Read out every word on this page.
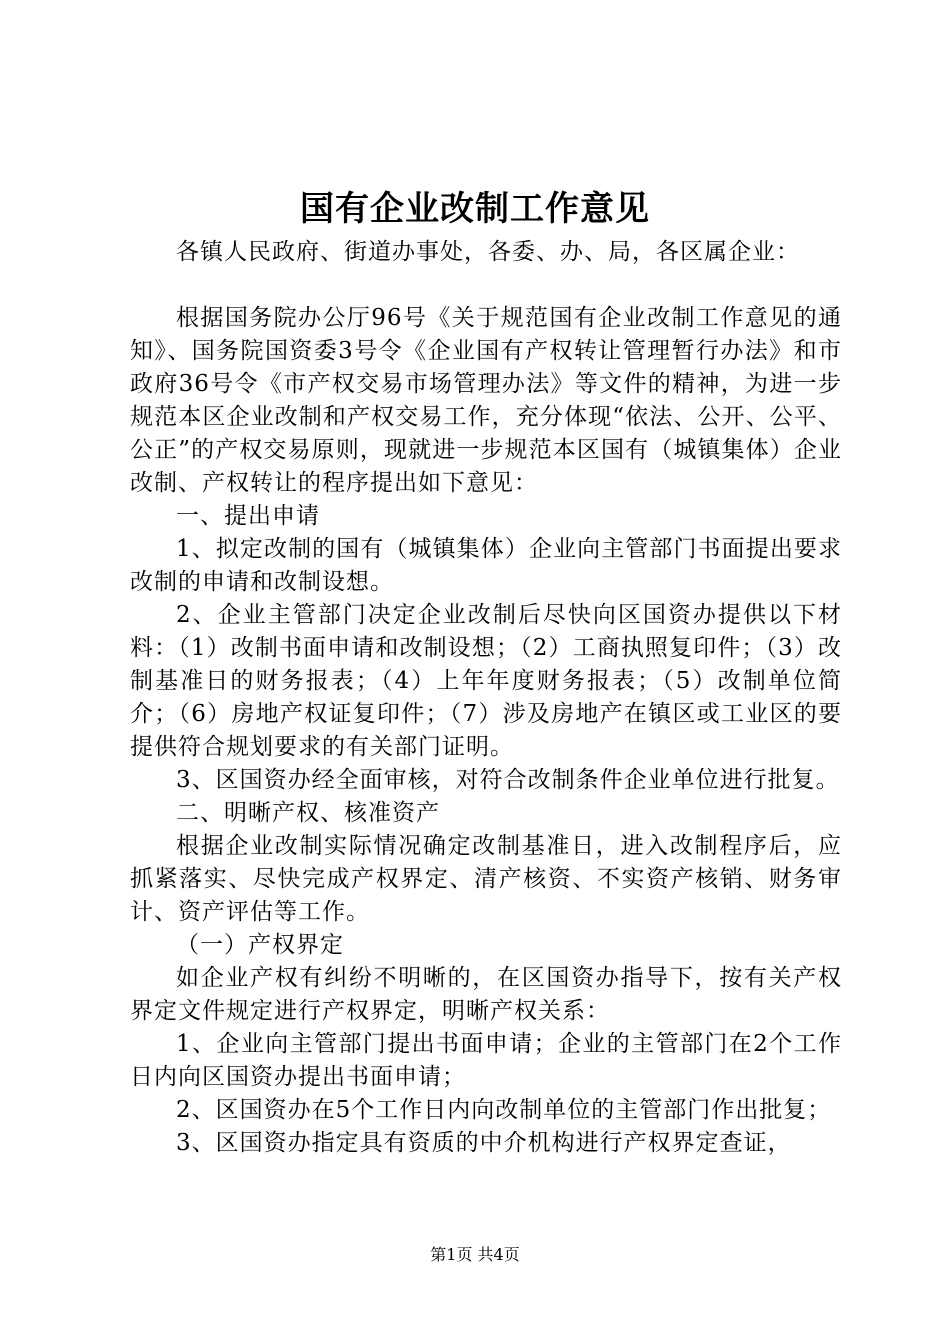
国有企业改制工作意见

各镇人民政府、街道办事处，各委、办、局，各区属企业：

根据国务院办公厅96号《关于规范国有企业改制工作意见的通知》、国务院国资委3号令《企业国有产权转让管理暂行办法》和市政府36号令《市产权交易市场管理办法》等文件的精神，为进一步规范本区企业改制和产权交易工作，充分体现“依法、公开、公平、公正”的产权交易原则，现就进一步规范本区国有（城镇集体）企业改制、产权转让的程序提出如下意见：

一、提出申请

1、拟定改制的国有（城镇集体）企业向主管部门书面提出要求改制的申请和改制设想。

2、企业主管部门决定企业改制后尽快向区国资办提供以下材料：（1）改制书面申请和改制设想；（2）工商执照复印件；（3）改制基准日的财务报表；（4）上年年度财务报表；（5）改制单位简介；（6）房地产权证复印件；（7）涉及房地产在镇区或工业区的要提供符合规划要求的有关部门证明。

3、区国资办经全面审核，对符合改制条件企业单位进行批复。

二、明晰产权、核准资产

根据企业改制实际情况确定改制基准日，进入改制程序后，应抓紧落实、尽快完成产权界定、清产核资、不实资产核销、财务审计、资产评估等工作。

（一）产权界定

如企业产权有纠纷不明晰的，在区国资办指导下，按有关产权界定文件规定进行产权界定，明晰产权关系：

1、企业向主管部门提出书面申请；企业的主管部门在2个工作日内向区国资办提出书面申请；

2、区国资办在5个工作日内向改制单位的主管部门作出批复；

3、区国资办指定具有资质的中介机构进行产权界定查证，

第1页 共4页
